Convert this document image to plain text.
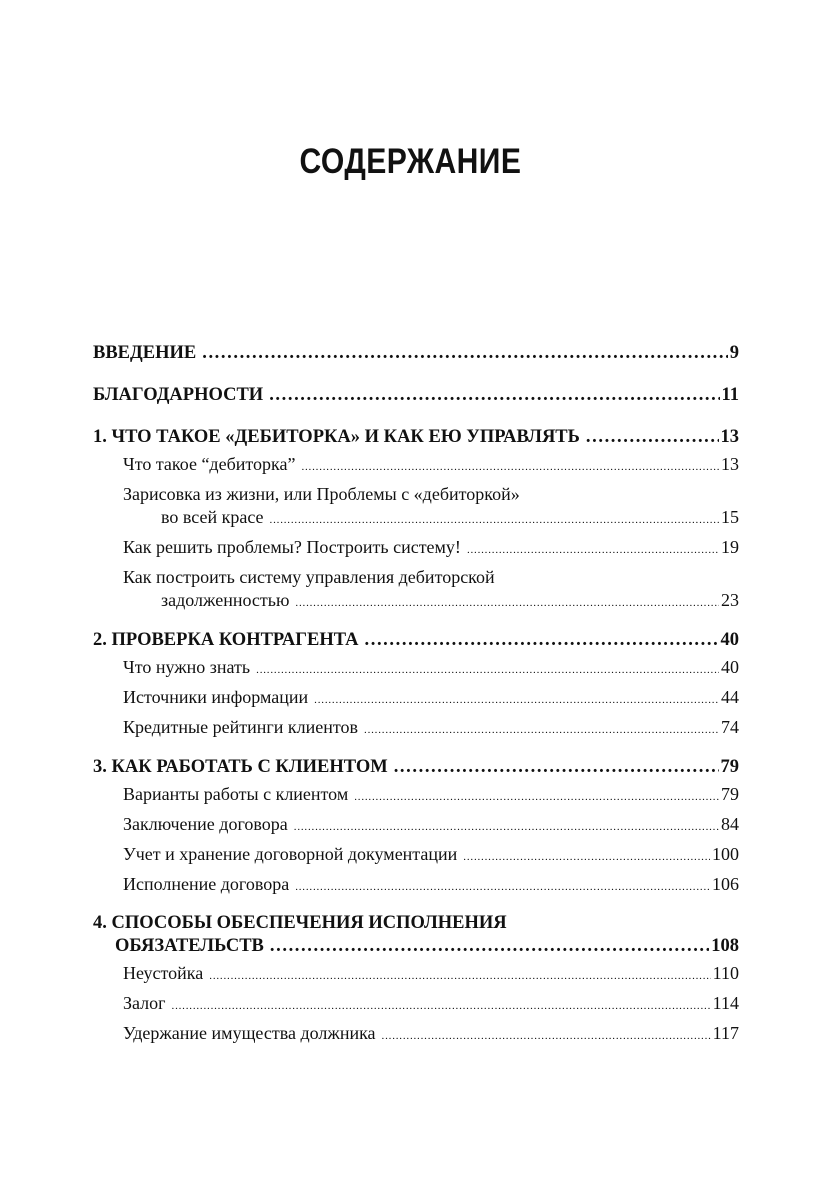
СОДЕРЖАНИЕ
ВВЕДЕНИЕ .....	9
БЛАГОДАРНОСТИ .....	11
1. ЧТО ТАКОЕ «ДЕБИТОРКА» И КАК ЕЮ УПРАВЛЯТЬ .....	13
Что такое “дебиторка” .....	13
Зарисовка из жизни, или Проблемы с «дебиторкой»
во всей красе .....	15
Как решить проблемы? Построить систему! .....	19
Как построить систему управления дебиторской
задолженностью .....	23
2. ПРОВЕРКА КОНТРАГЕНТА .....	40
Что нужно знать .....	40
Источники информации .....	44
Кредитные рейтинги клиентов .....	74
3. КАК РАБОТАТЬ С КЛИЕНТОМ .....	79
Варианты работы с клиентом .....	79
Заключение договора .....	84
Учет и хранение договорной документации .....	100
Исполнение договора .....	106
4. СПОСОБЫ ОБЕСПЕЧЕНИЯ ИСПОЛНЕНИЯ
ОБЯЗАТЕЛЬСТВ .....	108
Неустойка .....	110
Залог .....	114
Удержание имущества должника .....	117
